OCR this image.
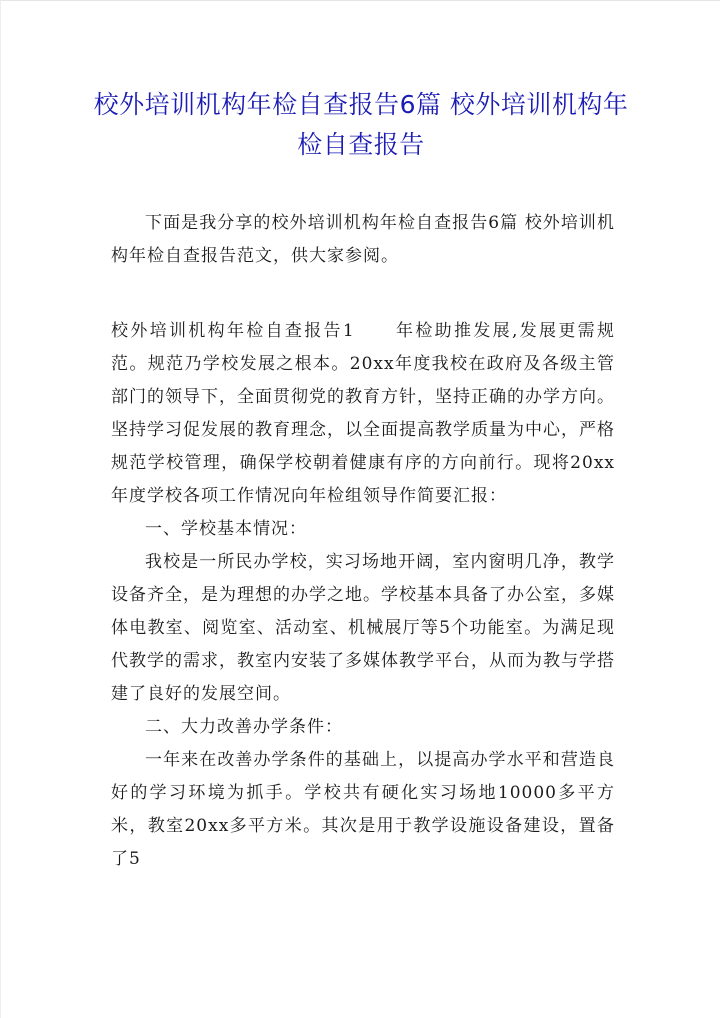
校外培训机构年检自查报告6篇 校外培训机构年检自查报告

下面是我分享的校外培训机构年检自查报告6篇 校外培训机构年检自查报告范文，供大家参阅。

校外培训机构年检自查报告1 年检助推发展,发展更需规范。规范乃学校发展之根本。20xx年度我校在政府及各级主管部门的领导下，全面贯彻党的教育方针，坚持正确的办学方向。坚持学习促发展的教育理念，以全面提高教学质量为中心，严格规范学校管理，确保学校朝着健康有序的方向前行。现将20xx年度学校各项工作情况向年检组领导作简要汇报：

一、学校基本情况：

我校是一所民办学校，实习场地开阔，室内窗明几净，教学设备齐全，是为理想的办学之地。学校基本具备了办公室，多媒体电教室、阅览室、活动室、机械展厅等5个功能室。为满足现代教学的需求，教室内安装了多媒体教学平台，从而为教与学搭建了良好的发展空间。

二、大力改善办学条件：

一年来在改善办学条件的基础上，以提高办学水平和营造良好的学习环境为抓手。学校共有硬化实习场地10000多平方米，教室20xx多平方米。其次是用于教学设施设备建设，置备了5
